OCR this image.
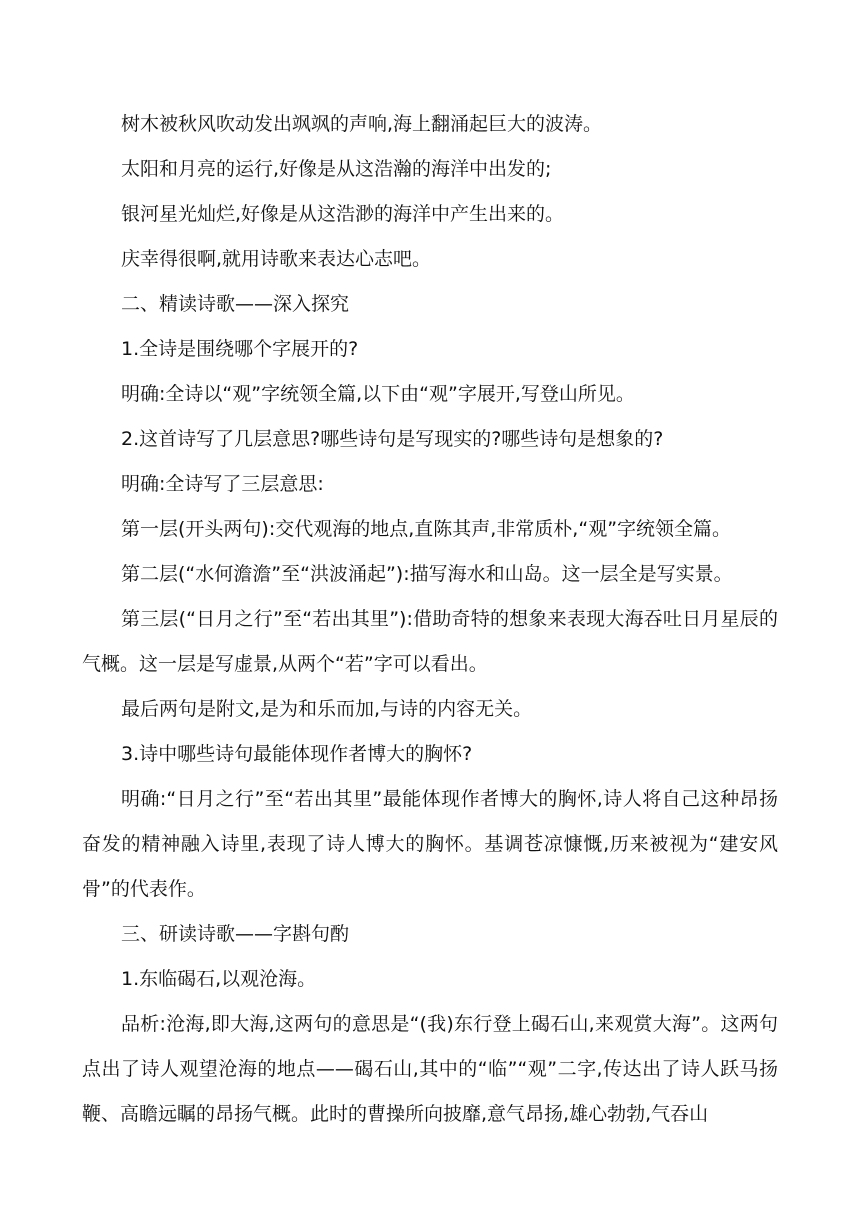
树木被秋风吹动发出飒飒的声响,海上翻涌起巨大的波涛。

太阳和月亮的运行,好像是从这浩瀚的海洋中出发的;

银河星光灿烂,好像是从这浩渺的海洋中产生出来的。

庆幸得很啊,就用诗歌来表达心志吧。

二、精读诗歌——深入探究

1.全诗是围绕哪个字展开的?

明确:全诗以“观”字统领全篇,以下由“观”字展开,写登山所见。

2.这首诗写了几层意思?哪些诗句是写现实的?哪些诗句是想象的?

明确:全诗写了三层意思:

第一层(开头两句):交代观海的地点,直陈其声,非常质朴,“观”字统领全篇。

第二层(“水何澹澹”至“洪波涌起”):描写海水和山岛。这一层全是写实景。

第三层(“日月之行”至“若出其里”):借助奇特的想象来表现大海吞吐日月星辰的气概。这一层是写虚景,从两个“若”字可以看出。

最后两句是附文,是为和乐而加,与诗的内容无关。

3.诗中哪些诗句最能体现作者博大的胸怀?

明确:“日月之行”至“若出其里”最能体现作者博大的胸怀,诗人将自己这种昂扬奋发的精神融入诗里,表现了诗人博大的胸怀。基调苍凉慷慨,历来被视为“建安风骨”的代表作。

三、研读诗歌——字斟句酌

1.东临碣石,以观沧海。

品析:沧海,即大海,这两句的意思是“(我)东行登上碣石山,来观赏大海”。这两句点出了诗人观望沧海的地点——碣石山,其中的“临”“观”二字,传达出了诗人跃马扬鞭、高瞻远瞩的昂扬气概。此时的曹操所向披靡,意气昂扬,雄心勃勃,气吞山
